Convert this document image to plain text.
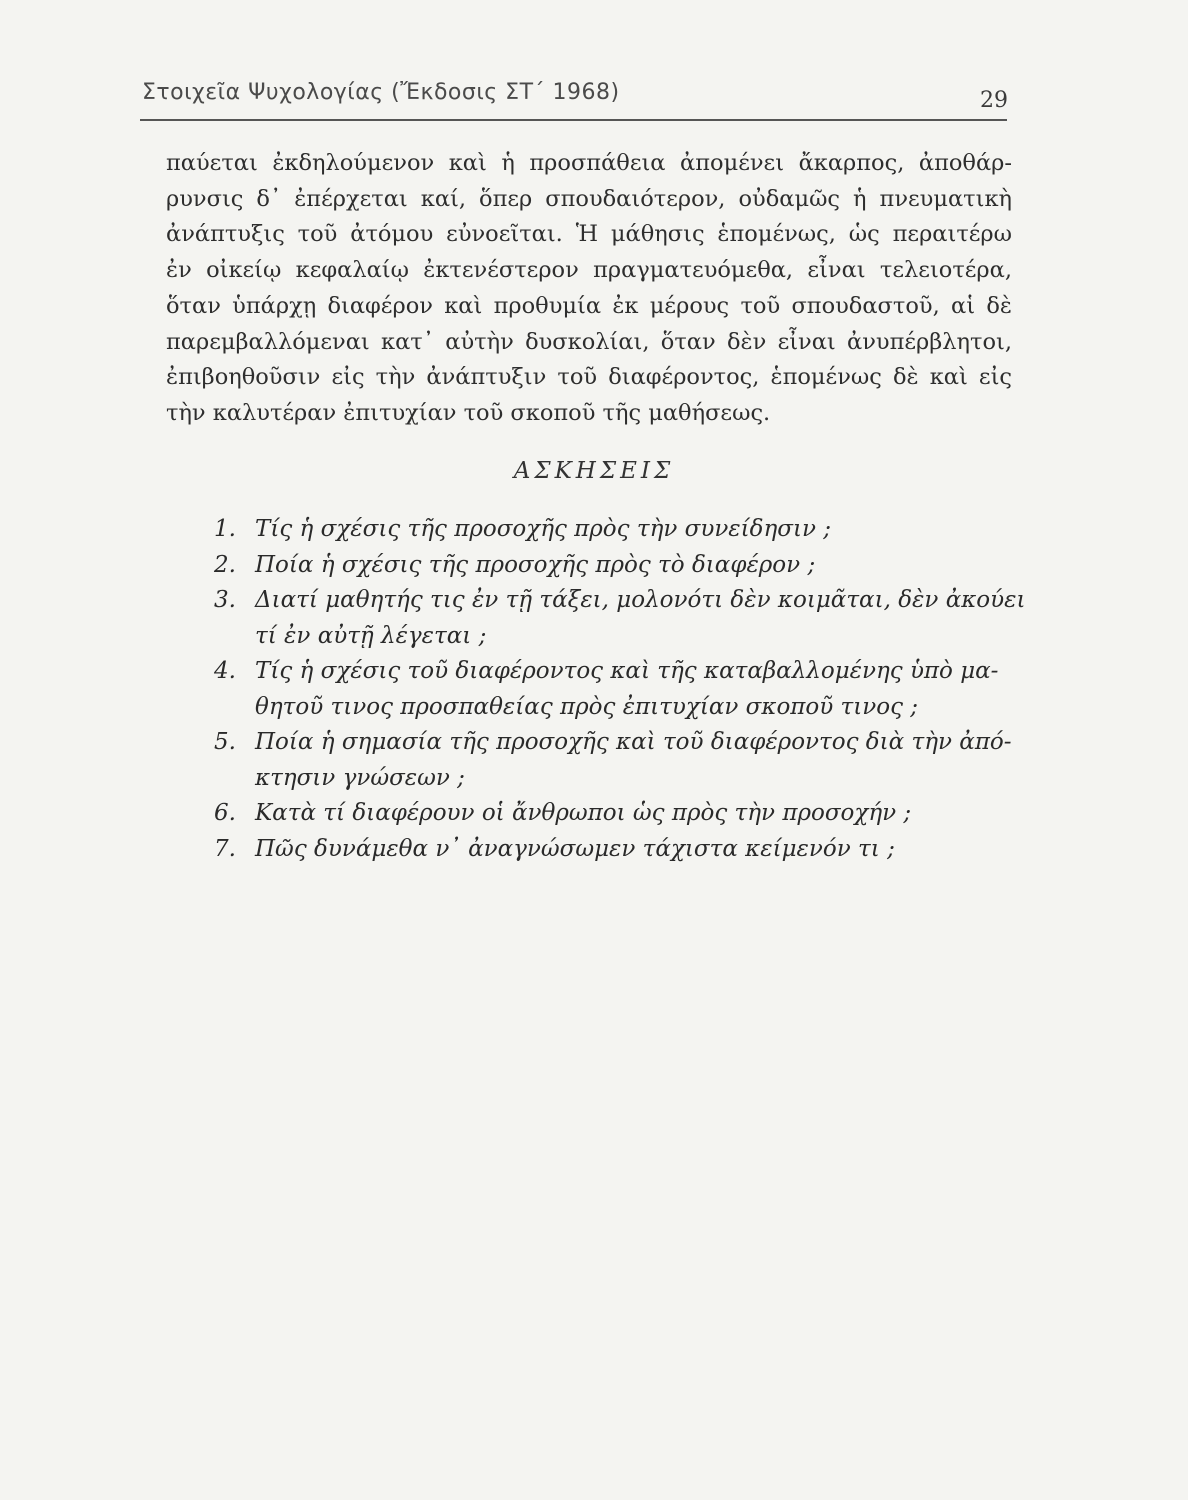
Στοιχεῖα Ψυχολογίας (Ἔκδοσις ΣΤ΄ 1968)	29
παύεται ἐκδηλούμενον καὶ ἡ προσπάθεια ἀπομένει ἄκαρπος, ἀποθάρ-
ρυνσις δ᾽ ἐπέρχεται καί, ὅπερ σπουδαιότερον, οὐδαμῶς ἡ πνευματικὴ
ἀνάπτυξις τοῦ ἀτόμου εὐνοεῖται. Ἡ μάθησις ἑπομένως, ὡς περαιτέρω
ἐν οἰκείῳ κεφαλαίῳ ἐκτενέστερον πραγματευόμεθα, εἶναι τελειοτέρα,
ὅταν ὑπάρχῃ διαφέρον καὶ προθυμία ἐκ μέρους τοῦ σπουδαστοῦ, αἱ δὲ
παρεμβαλλόμεναι κατ᾽ αὐτὴν δυσκολίαι, ὅταν δὲν εἶναι ἀνυπέρβλητοι,
ἐπιβοηθοῦσιν εἰς τὴν ἀνάπτυξιν τοῦ διαφέροντος, ἑπομένως δὲ καὶ εἰς
τὴν καλυτέραν ἐπιτυχίαν τοῦ σκοποῦ τῆς μαθήσεως.
ΑΣΚΗΣΕΙΣ
1. Τίς ἡ σχέσις τῆς προσοχῆς πρὸς τὴν συνείδησιν ;
2. Ποία ἡ σχέσις τῆς προσοχῆς πρὸς τὸ διαφέρον ;
3. Διατί μαθητής τις ἐν τῇ τάξει, μολονότι δὲν κοιμᾶται, δὲν ἀκούει
τί ἐν αὐτῇ λέγεται ;
4. Τίς ἡ σχέσις τοῦ διαφέροντος καὶ τῆς καταβαλλομένης ὑπὸ μα-
θητοῦ τινος προσπαθείας πρὸς ἐπιτυχίαν σκοποῦ τινος ;
5. Ποία ἡ σημασία τῆς προσοχῆς καὶ τοῦ διαφέροντος διὰ τὴν ἀπό-
κτησιν γνώσεων ;
6. Κατὰ τί διαφέρουν οἱ ἄνθρωποι ὡς πρὸς τὴν προσοχήν ;
7. Πῶς δυνάμεθα ν᾽ ἀναγνώσωμεν τάχιστα κείμενόν τι ;
